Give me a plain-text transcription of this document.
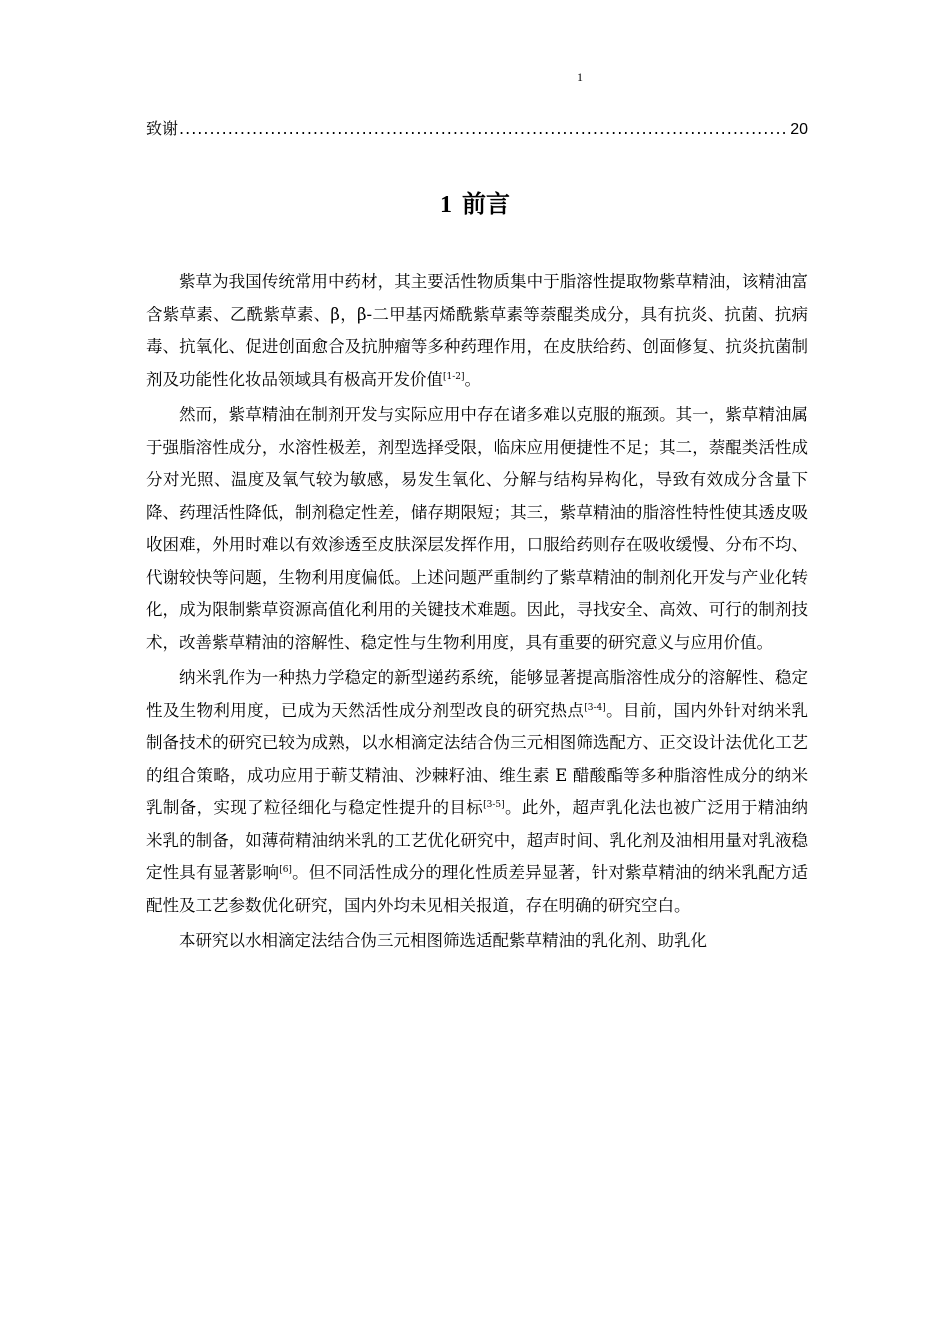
1
致谢
.....	20
1 前言

紫草为我国传统常用中药材，其主要活性物质集中于脂溶性提取物紫草精油，该精油富含紫草素、乙酰紫草素、β，β-二甲基丙烯酰紫草素等萘醌类成分，具有抗炎、抗菌、抗病毒、抗氧化、促进创面愈合及抗肿瘤等多种药理作用，在皮肤给药、创面修复、抗炎抗菌制剂及功能性化妆品领域具有极高开发价值[1-2]。

然而，紫草精油在制剂开发与实际应用中存在诸多难以克服的瓶颈。其一，紫草精油属于强脂溶性成分，水溶性极差，剂型选择受限，临床应用便捷性不足；其二，萘醌类活性成分对光照、温度及氧气较为敏感，易发生氧化、分解与结构异构化，导致有效成分含量下降、药理活性降低，制剂稳定性差，储存期限短；其三，紫草精油的脂溶性特性使其透皮吸收困难，外用时难以有效渗透至皮肤深层发挥作用，口服给药则存在吸收缓慢、分布不均、代谢较快等问题，生物利用度偏低。上述问题严重制约了紫草精油的制剂化开发与产业化转化，成为限制紫草资源高值化利用的关键技术难题。因此，寻找安全、高效、可行的制剂技术，改善紫草精油的溶解性、稳定性与生物利用度，具有重要的研究意义与应用价值。

纳米乳作为一种热力学稳定的新型递药系统，能够显著提高脂溶性成分的溶解性、稳定性及生物利用度，已成为天然活性成分剂型改良的研究热点[3-4]。目前，国内外针对纳米乳制备技术的研究已较为成熟，以水相滴定法结合伪三元相图筛选配方、正交设计法优化工艺的组合策略，成功应用于蕲艾精油、沙棘籽油、维生素 E 醋酸酯等多种脂溶性成分的纳米乳制备，实现了粒径细化与稳定性提升的目标[3-5]。此外，超声乳化法也被广泛用于精油纳米乳的制备，如薄荷精油纳米乳的工艺优化研究中，超声时间、乳化剂及油相用量对乳液稳定性具有显著影响[6]。但不同活性成分的理化性质差异显著，针对紫草精油的纳米乳配方适配性及工艺参数优化研究，国内外均未见相关报道，存在明确的研究空白。

本研究以水相滴定法结合伪三元相图筛选适配紫草精油的乳化剂、助乳化
